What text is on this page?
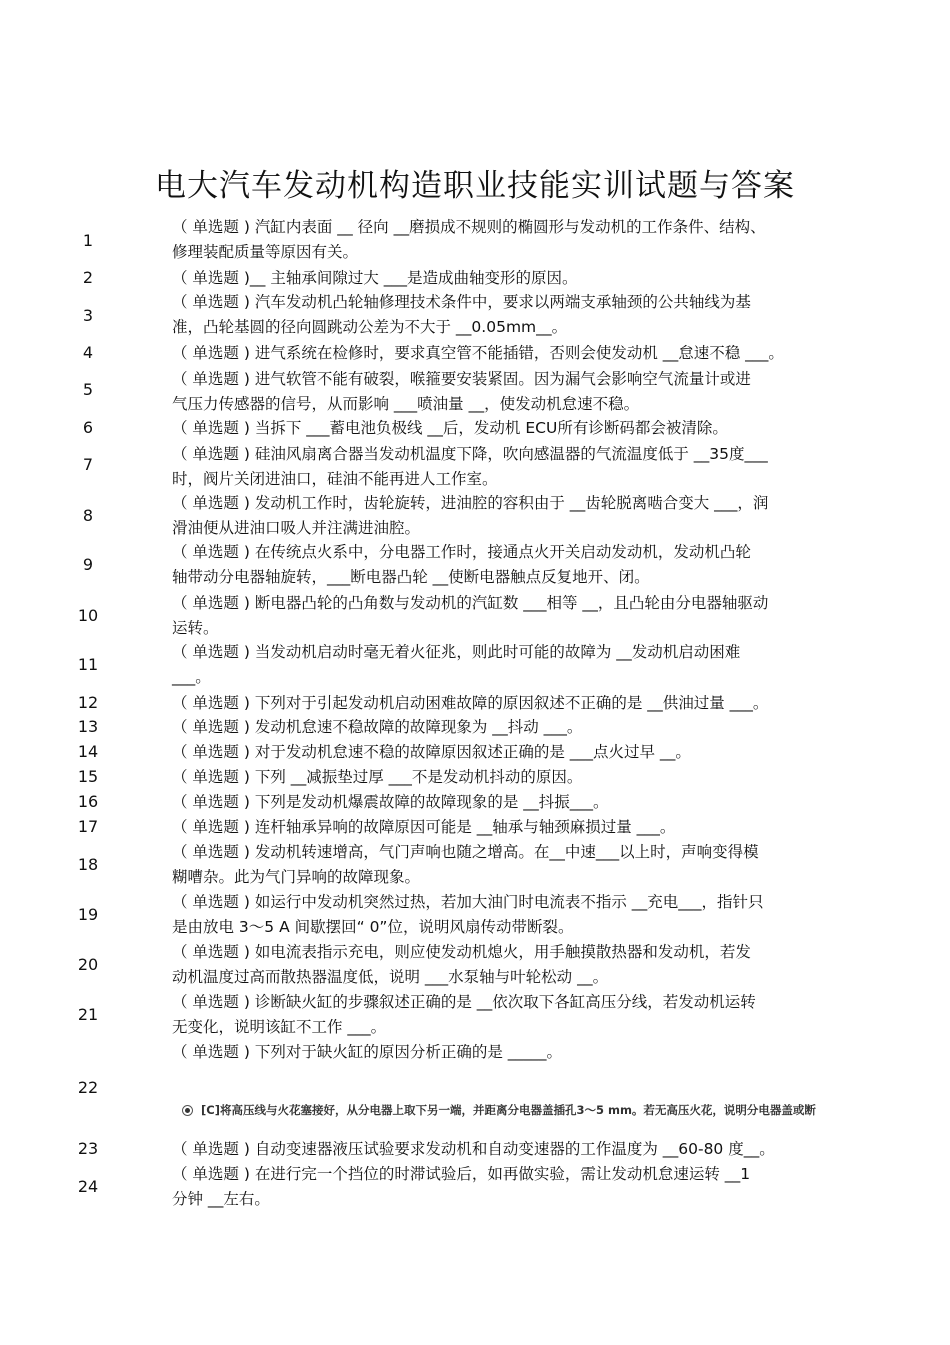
电大汽车发动机构造职业技能实训试题与答案
1
（ 单选题 ) 汽缸内表面 __ 径向 __磨损成不规则的椭圆形与发动机的工作条件、结构、
修理装配质量等原因有关。
2	（ 单选题 )__ 主轴承间隙过大 ___是造成曲轴变形的原因。
3
（ 单选题 ) 汽车发动机凸轮轴修理技术条件中，要求以两端支承轴颈的公共轴线为基
准，凸轮基圆的径向圆跳动公差为不大于 __0.05mm__。
4	（ 单选题 ) 进气系统在检修时，要求真空管不能插错，否则会使发动机 __怠速不稳 ___。
5
（ 单选题 ) 进气软管不能有破裂，喉箍要安装紧固。因为漏气会影响空气流量计或进
气压力传感器的信号，从而影响 ___喷油量 __，使发动机怠速不稳。
6	（ 单选题 ) 当拆下 ___蓄电池负极线 __后，发动机 ECU所有诊断码都会被清除。
7
（ 单选题 ) 硅油风扇离合器当发动机温度下降，吹向感温器的气流温度低于 __35度___
时，阀片关闭进油口，硅油不能再进人工作室。
8
（ 单选题 ) 发动机工作时，齿轮旋转，进油腔的容积由于 __齿轮脱离啮合变大 ___，润
滑油便从进油口吸人并注满进油腔。
9
（ 单选题 ) 在传统点火系中，分电器工作时，接通点火开关启动发动机，发动机凸轮
轴带动分电器轴旋转，___断电器凸轮 __使断电器触点反复地开、闭。
10
（ 单选题 ) 断电器凸轮的凸角数与发动机的汽缸数 ___相等 __，且凸轮由分电器轴驱动
运转。
11
（ 单选题 ) 当发动机启动时毫无着火征兆，则此时可能的故障为 __发动机启动困难
___。
12	（ 单选题 ) 下列对于引起发动机启动困难故障的原因叙述不正确的是 __供油过量 ___。
13	（ 单选题 ) 发动机怠速不稳故障的故障现象为 __抖动 ___。
14	（ 单选题 ) 对于发动机怠速不稳的故障原因叙述正确的是 ___点火过早 __。
15	（ 单选题 ) 下列 __减振垫过厚 ___不是发动机抖动的原因。
16	（ 单选题 ) 下列是发动机爆震故障的故障现象的是 __抖振___。
17	（ 单选题 ) 连杆轴承异响的故障原因可能是 __轴承与轴颈麻损过量 ___。
18
（ 单选题 ) 发动机转速增高，气门声响也随之增高。在__中速___以上时，声响变得模
糊嘈杂。此为气门异响的故障现象。
19
（ 单选题 ) 如运行中发动机突然过热，若加大油门时电流表不指示 __充电___，指针只
是由放电 3～5 A 间歇摆回“ 0”位，说明风扇传动带断裂。
20
（ 单选题 ) 如电流表指示充电，则应使发动机熄火，用手触摸散热器和发动机，若发
动机温度过高而散热器温度低，说明 ___水泵轴与叶轮松动 __。
21
（ 单选题 ) 诊断缺火缸的步骤叙述正确的是 __依次取下各缸高压分线，若发动机运转
无变化，说明该缸不工作 ___。
22
（ 单选题 ) 下列对于缺火缸的原因分析正确的是 _____。
23	（ 单选题 ) 自动变速器液压试验要求发动机和自动变速器的工作温度为 __60-80 度__。
24
（ 单选题 ) 在进行完一个挡位的时滞试验后，如再做实验，需让发动机怠速运转 __1
分钟 __左右。
[C]将高压线与火花塞接好，从分电器上取下另一端，并距离分电器盖插孔3～5 mm。若无高压火花，说明分电器盖或断
